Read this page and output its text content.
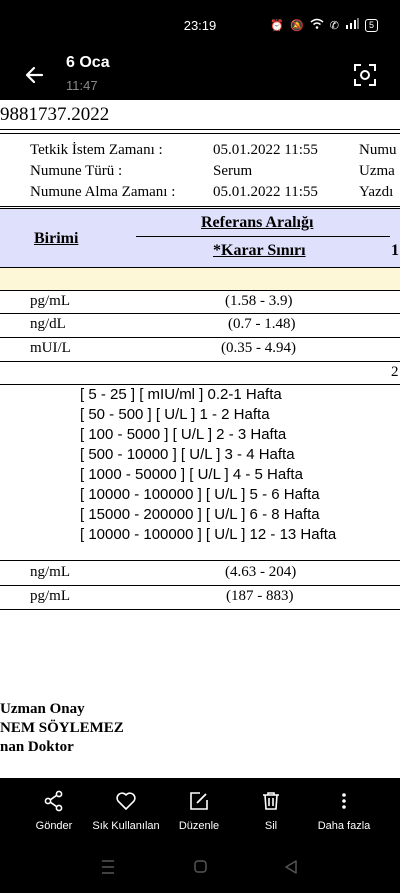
23:19	⏰ 🔕 ✆	5
6 Oca
11:47
9881737.2022
Tetkik İstem Zamanı :	05.01.2022 11:55	Numu
Numune Türü :	Serum	Uzma
Numune Alma Zamanı :	05.01.2022 11:55	Yazdı
Birimi
Referans Aralığı
*Karar Sınırı	1
pg/mL	(1.58 - 3.9)
ng/dL	(0.7 - 1.48)
mUI/L	(0.35 - 4.94)
2
[ 5 - 25 ] [ mIU/ml ] 0.2-1 Hafta
[ 50 - 500 ] [ U/L ] 1 - 2 Hafta
[ 100 - 5000 ] [ U/L ] 2 - 3 Hafta
[ 500 - 10000 ] [ U/L ] 3 - 4 Hafta
[ 1000 - 50000 ] [ U/L ] 4 - 5 Hafta
[ 10000 - 100000 ] [ U/L ] 5 - 6 Hafta
[ 15000 - 200000 ] [ U/L ] 6 - 8 Hafta
[ 10000 - 100000 ] [ U/L ] 12 - 13 Hafta
ng/mL	(4.63 - 204)
pg/mL	(187 - 883)
Uzman Onay
NEM SÖYLEMEZ
nan Doktor
Gönder	Sık Kullanılan	Düzenle	Sil	Daha fazla
